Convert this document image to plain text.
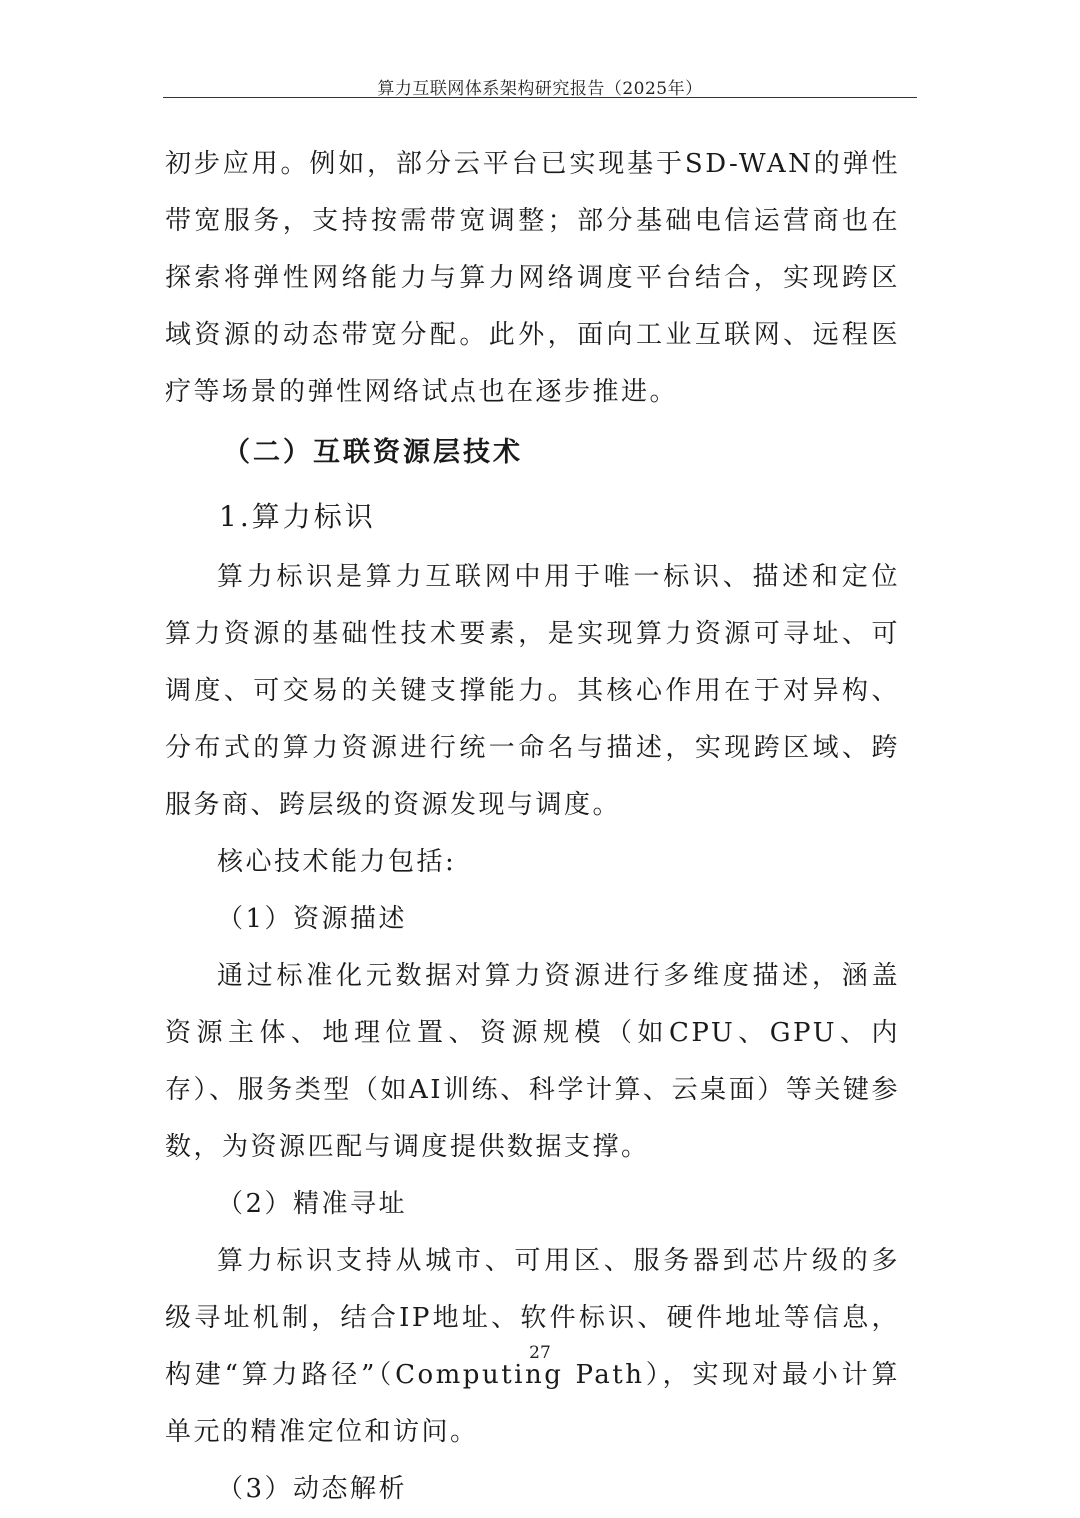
算力互联网体系架构研究报告（2025年）

初步应用。例如，部分云平台已实现基于SD-WAN的弹性带宽服务，支持按需带宽调整；部分基础电信运营商也在探索将弹性网络能力与算力网络调度平台结合，实现跨区域资源的动态带宽分配。此外，面向工业互联网、远程医疗等场景的弹性网络试点也在逐步推进。

（二）互联资源层技术
1.算力标识

算力标识是算力互联网中用于唯一标识、描述和定位算力资源的基础性技术要素，是实现算力资源可寻址、可调度、可交易的关键支撑能力。其核心作用在于对异构、分布式的算力资源进行统一命名与描述，实现跨区域、跨服务商、跨层级的资源发现与调度。

核心技术能力包括:

（1）资源描述

通过标准化元数据对算力资源进行多维度描述，涵盖资源主体、地理位置、资源规模（如CPU、GPU、内存）、服务类型（如AI训练、科学计算、云桌面）等关键参数，为资源匹配与调度提供数据支撑。

（2）精准寻址

算力标识支持从城市、可用区、服务器到芯片级的多级寻址机制，结合IP地址、软件标识、硬件地址等信息，构建“算力路径”（Computing Path），实现对最小计算单元的精准定位和访问。

（3）动态解析

27
